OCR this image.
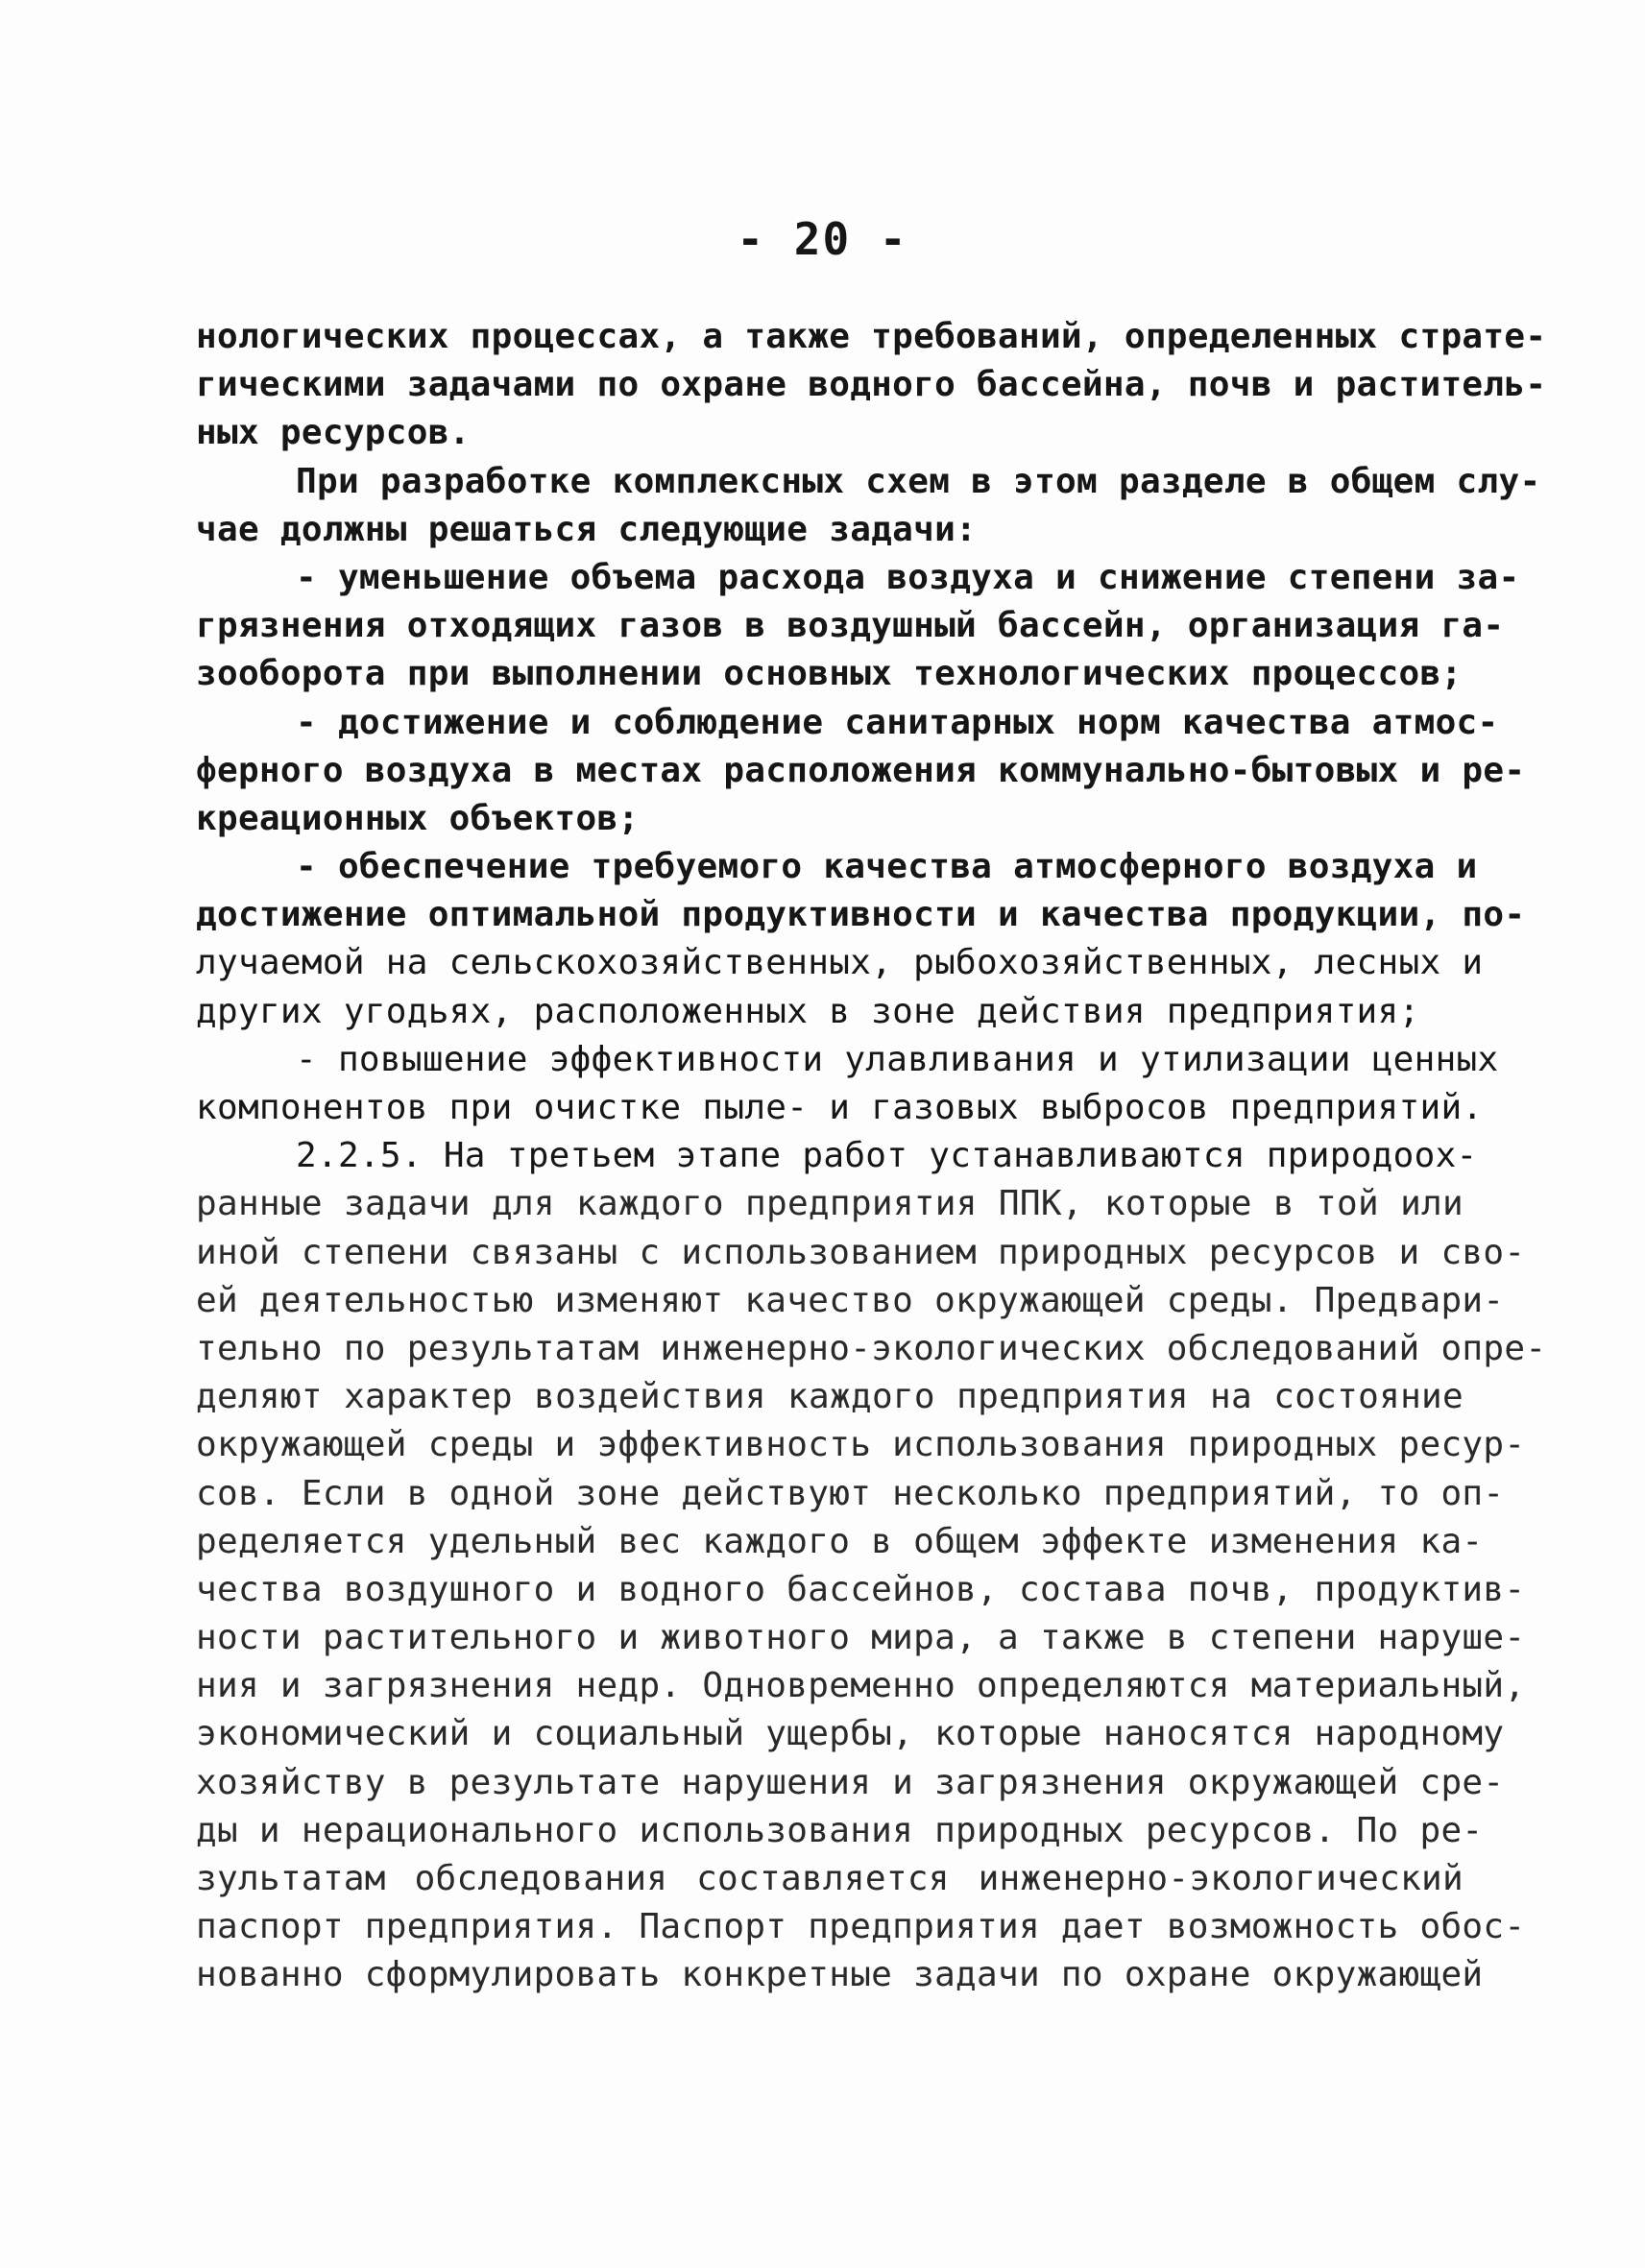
- 20 -
нологических процессах, а также требований, определенных страте-
гическими задачами по охране водного бассейна, почв и раститель-
ных ресурсов.
При разработке комплексных схем в этом разделе в общем слу-
чае должны решаться следующие задачи:
- уменьшение объема расхода воздуха и снижение степени за-
грязнения отходящих газов в воздушный бассейн, организация га-
зооборота при выполнении основных технологических процессов;
- достижение и соблюдение санитарных норм качества атмос-
ферного воздуха в местах расположения коммунально-бытовых и ре-
креационных объектов;
- обеспечение требуемого качества атмосферного воздуха и
достижение оптимальной продуктивности и качества продукции, по-
лучаемой на сельскохозяйственных, рыбохозяйственных, лесных и
других угодьях, расположенных в зоне действия предприятия;
- повышение эффективности улавливания и утилизации ценных
компонентов при очистке пыле- и газовых выбросов предприятий.
2.2.5. На третьем этапе работ устанавливаются природоох-
ранные задачи для каждого предприятия ППК, которые в той или
иной степени связаны с использованием природных ресурсов и сво-
ей деятельностью изменяют качество окружающей среды. Предвари-
тельно по результатам инженерно-экологических обследований опре-
деляют характер воздействия каждого предприятия на состояние
окружающей среды и эффективность использования природных ресур-
сов. Если в одной зоне действуют несколько предприятий, то оп-
ределяется удельный вес каждого в общем эффекте изменения ка-
чества воздушного и водного бассейнов, состава почв, продуктив-
ности растительного и животного мира, а также в степени наруше-
ния и загрязнения недр. Одновременно определяются материальный,
экономический и социальный ущербы, которые наносятся народному
хозяйству в результате нарушения и загрязнения окружающей сре-
ды и нерационального использования природных ресурсов. По ре-
зультатам обследования составляется инженерно-экологический
паспорт предприятия. Паспорт предприятия дает возможность обос-
нованно сформулировать конкретные задачи по охране окружающей
